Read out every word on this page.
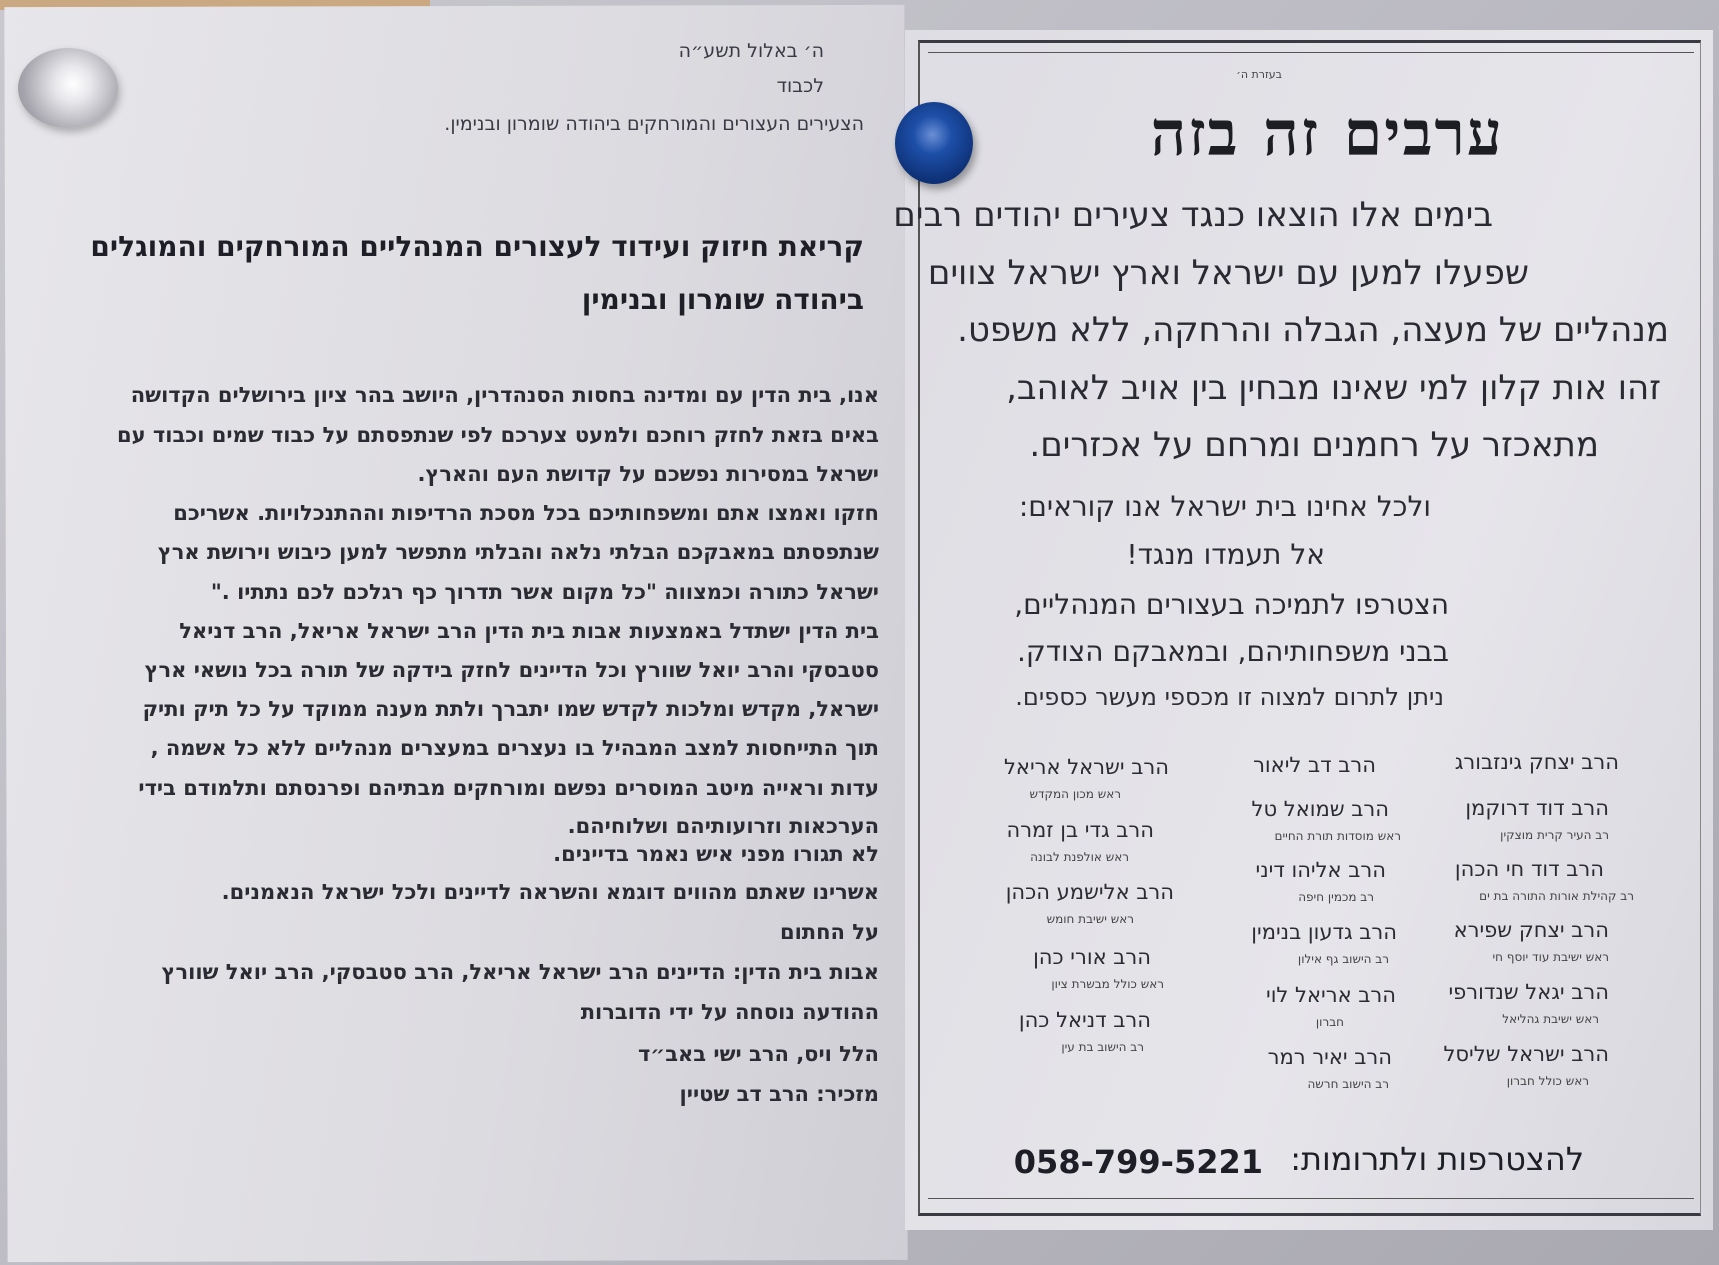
ה׳ באלול תשע״ה
לכבוד
הצעירים העצורים והמורחקים ביהודה שומרון ובנימין.
קריאת חיזוק ועידוד לעצורים המנהליים המורחקים והמוגלים
ביהודה שומרון ובנימין
אנו, בית הדין עם ומדינה בחסות הסנהדרין, היושב בהר ציון בירושלים הקדושה
באים בזאת לחזק רוחכם ולמעט צערכם לפי שנתפסתם על כבוד שמים וכבוד עם
ישראל במסירות נפשכם על קדושת העם והארץ.
חזקו ואמצו אתם ומשפחותיכם בכל מסכת הרדיפות וההתנכלויות. אשריכם
שנתפסתם במאבקכם הבלתי נלאה והבלתי מתפשר למען כיבוש וירושת ארץ
ישראל כתורה וכמצווה "כל מקום אשר תדרוך כף רגלכם לכם נתתיו ."
בית הדין ישתדל באמצעות אבות בית הדין הרב ישראל אריאל, הרב דניאל
סטבסקי והרב יואל שוורץ וכל הדיינים לחזק בידקה של תורה בכל נושאי ארץ
ישראל, מקדש ומלכות לקדש שמו יתברך ולתת מענה ממוקד על כל תיק ותיק
תוך התייחסות למצב המבהיל בו נעצרים במעצרים מנהליים ללא כל אשמה ,
עדות וראייה מיטב המוסרים נפשם ומורחקים מבתיהם ופרנסתם ותלמודם בידי
הערכאות וזרועותיהם ושלוחיהם.
לא תגורו מפני איש נאמר בדיינים.
אשרינו שאתם מהווים דוגמא והשראה לדיינים ולכל ישראל הנאמנים.
על החתום
אבות בית הדין: הדיינים הרב ישראל אריאל, הרב סטבסקי, הרב יואל שוורץ
ההודעה נוסחה על ידי הדוברות
הלל ויס, הרב ישי באב״ד
מזכיר: הרב דב שטיין
בעזרת ה׳
ערבים זה בזה
בימים אלו הוצאו כנגד צעירים יהודים רבים
שפעלו למען עם ישראל וארץ ישראל צווים
מנהליים של מעצה, הגבלה והרחקה, ללא משפט.
זהו אות קלון למי שאינו מבחין בין אויב לאוהב,
מתאכזר על רחמנים ומרחם על אכזרים.
ולכל אחינו בית ישראל אנו קוראים:
אל תעמדו מנגד!
הצטרפו לתמיכה בעצורים המנהליים,
בבני משפחותיהם, ובמאבקם הצודק.
ניתן לתרום למצוה זו מכספי מעשר כספים.
הרב יצחק גינזבורג
הרב דוד דרוקמן
רב העיר קרית מוצקין
הרב דוד חי הכהן
רב קהילת אורות התורה בת ים
הרב יצחק שפירא
ראש ישיבת עוד יוסף חי
הרב יגאל שנדורפי
ראש ישיבת גהליאל
הרב ישראל שליסל
ראש כולל חברון
הרב דב ליאור
הרב שמואל טל
ראש מוסדות תורת החיים
הרב אליהו דיני
רב מכמין חיפה
הרב גדעון בנימין
רב הישוב גף אילון
הרב אריאל לוי
חברון
הרב יאיר רמר
רב הישוב חרשה
הרב ישראל אריאל
ראש מכון המקדש
הרב גדי בן זמרה
ראש אולפנת לבונה
הרב אלישמע הכהן
ראש ישיבת חומש
הרב אורי כהן
ראש כולל מבשרת ציון
הרב דניאל כהן
רב הישוב בת עין
להצטרפות ולתרומות:
058-799-5221
